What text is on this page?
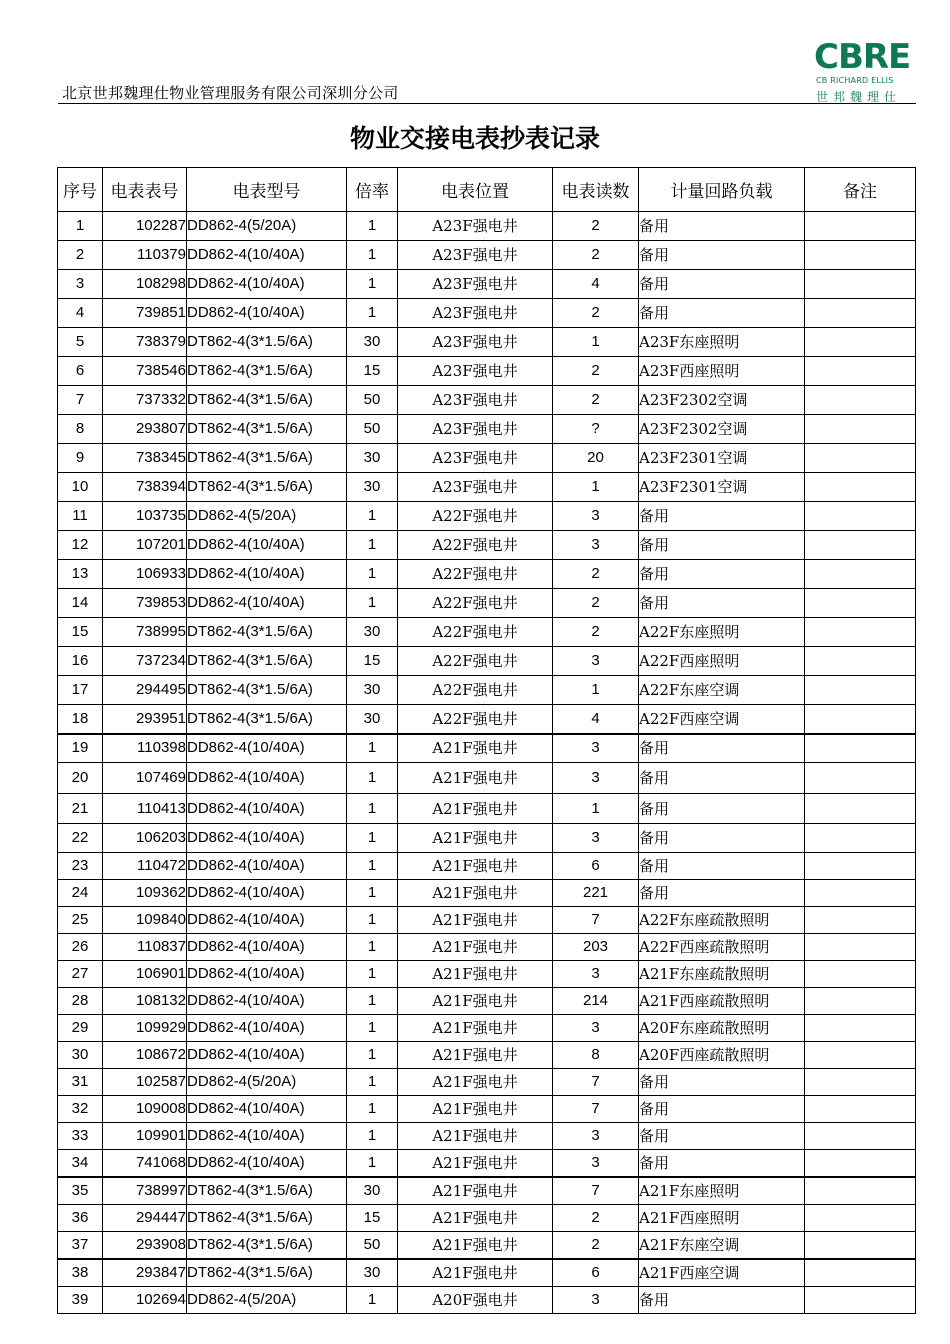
北京世邦魏理仕物业管理服务有限公司深圳分公司
CBRE
CB RICHARD ELLIS
世邦魏理仕
物业交接电表抄表记录
序号	电表表号	电表型号	倍率	电表位置	电表读数	计量回路负载	备注
1	102287	DD862-4(5/20A)	1	A23F强电井	2	备用	
2	110379	DD862-4(10/40A)	1	A23F强电井	2	备用	
3	108298	DD862-4(10/40A)	1	A23F强电井	4	备用	
4	739851	DD862-4(10/40A)	1	A23F强电井	2	备用	
5	738379	DT862-4(3*1.5/6A)	30	A23F强电井	1	A23F东座照明	
6	738546	DT862-4(3*1.5/6A)	15	A23F强电井	2	A23F西座照明	
7	737332	DT862-4(3*1.5/6A)	50	A23F强电井	2	A23F2302空调	
8	293807	DT862-4(3*1.5/6A)	50	A23F强电井	?	A23F2302空调	
9	738345	DT862-4(3*1.5/6A)	30	A23F强电井	20	A23F2301空调	
10	738394	DT862-4(3*1.5/6A)	30	A23F强电井	1	A23F2301空调	
11	103735	DD862-4(5/20A)	1	A22F强电井	3	备用	
12	107201	DD862-4(10/40A)	1	A22F强电井	3	备用	
13	106933	DD862-4(10/40A)	1	A22F强电井	2	备用	
14	739853	DD862-4(10/40A)	1	A22F强电井	2	备用	
15	738995	DT862-4(3*1.5/6A)	30	A22F强电井	2	A22F东座照明	
16	737234	DT862-4(3*1.5/6A)	15	A22F强电井	3	A22F西座照明	
17	294495	DT862-4(3*1.5/6A)	30	A22F强电井	1	A22F东座空调	
18	293951	DT862-4(3*1.5/6A)	30	A22F强电井	4	A22F西座空调	
19	110398	DD862-4(10/40A)	1	A21F强电井	3	备用	
20	107469	DD862-4(10/40A)	1	A21F强电井	3	备用	
21	110413	DD862-4(10/40A)	1	A21F强电井	1	备用	
22	106203	DD862-4(10/40A)	1	A21F强电井	3	备用	
23	110472	DD862-4(10/40A)	1	A21F强电井	6	备用	
24	109362	DD862-4(10/40A)	1	A21F强电井	221	备用	
25	109840	DD862-4(10/40A)	1	A21F强电井	7	A22F东座疏散照明	
26	110837	DD862-4(10/40A)	1	A21F强电井	203	A22F西座疏散照明	
27	106901	DD862-4(10/40A)	1	A21F强电井	3	A21F东座疏散照明	
28	108132	DD862-4(10/40A)	1	A21F强电井	214	A21F西座疏散照明	
29	109929	DD862-4(10/40A)	1	A21F强电井	3	A20F东座疏散照明	
30	108672	DD862-4(10/40A)	1	A21F强电井	8	A20F西座疏散照明	
31	102587	DD862-4(5/20A)	1	A21F强电井	7	备用	
32	109008	DD862-4(10/40A)	1	A21F强电井	7	备用	
33	109901	DD862-4(10/40A)	1	A21F强电井	3	备用	
34	741068	DD862-4(10/40A)	1	A21F强电井	3	备用	
35	738997	DT862-4(3*1.5/6A)	30	A21F强电井	7	A21F东座照明	
36	294447	DT862-4(3*1.5/6A)	15	A21F强电井	2	A21F西座照明	
37	293908	DT862-4(3*1.5/6A)	50	A21F强电井	2	A21F东座空调	
38	293847	DT862-4(3*1.5/6A)	30	A21F强电井	6	A21F西座空调	
39	102694	DD862-4(5/20A)	1	A20F强电井	3	备用	
